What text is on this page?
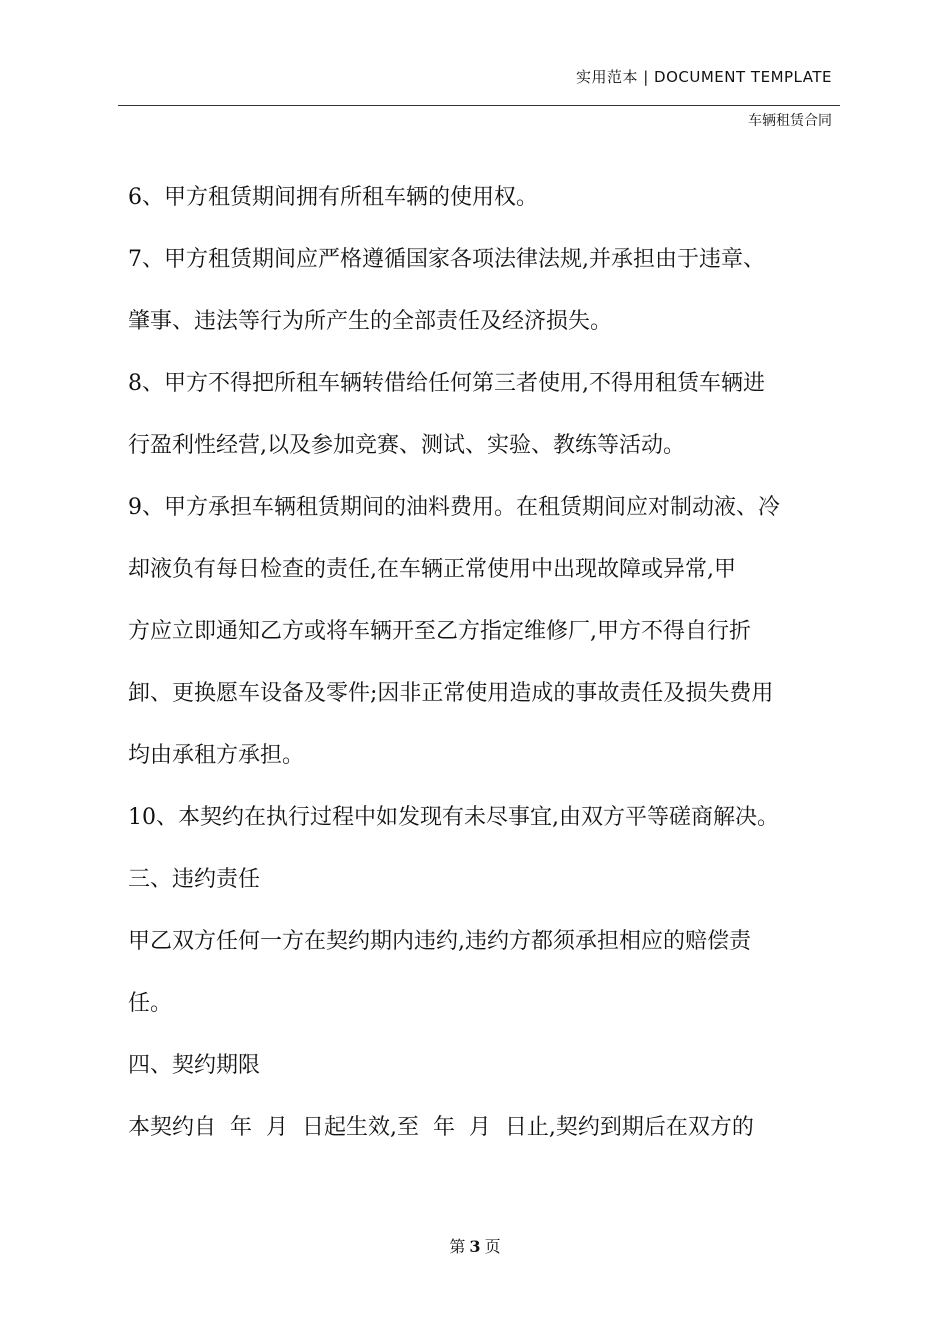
实用范本 | DOCUMENT TEMPLATE
车辆租赁合同
6、甲方租赁期间拥有所租车辆的使用权。
7、甲方租赁期间应严格遵循国家各项法律法规,并承担由于违章、
肇事、违法等行为所产生的全部责任及经济损失。
8、甲方不得把所租车辆转借给任何第三者使用,不得用租赁车辆进
行盈利性经营,以及参加竞赛、测试、实验、教练等活动。
9、甲方承担车辆租赁期间的油料费用。在租赁期间应对制动液、冷
却液负有每日检查的责任,在车辆正常使用中出现故障或异常,甲
方应立即通知乙方或将车辆开至乙方指定维修厂,甲方不得自行折
卸、更换愿车设备及零件;因非正常使用造成的事故责任及损失费用
均由承租方承担。
10、本契约在执行过程中如发现有未尽事宜,由双方平等磋商解决。
三、违约责任
甲乙双方任何一方在契约期内违约,违约方都须承担相应的赔偿责
任。
四、契约期限
本契约自  年  月  日起生效,至  年  月  日止,契约到期后在双方的
第 3 页
